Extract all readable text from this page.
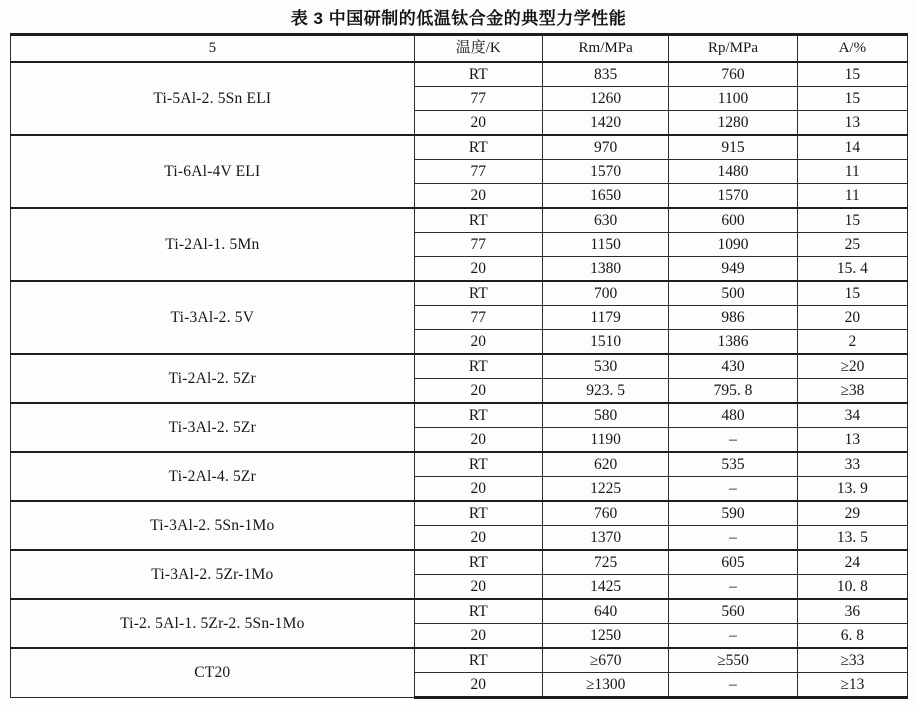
表 3 中国研制的低温钛合金的典型力学性能
5	温度/K	Rm/MPa	Rp/MPa	A/%
Ti-5Al-2. 5Sn ELI	RT	835	760	15
	77	1260	1100	15
	20	1420	1280	13
Ti-6Al-4V ELI	RT	970	915	14
	77	1570	1480	11
	20	1650	1570	11
Ti-2Al-1. 5Mn	RT	630	600	15
	77	1150	1090	25
	20	1380	949	15. 4
Ti-3Al-2. 5V	RT	700	500	15
	77	1179	986	20
	20	1510	1386	2
Ti-2Al-2. 5Zr	RT	530	430	≥20
	20	923. 5	795. 8	≥38
Ti-3Al-2. 5Zr	RT	580	480	34
	20	1190	–	13
Ti-2Al-4. 5Zr	RT	620	535	33
	20	1225	–	13. 9
Ti-3Al-2. 5Sn-1Mo	RT	760	590	29
	20	1370	–	13. 5
Ti-3Al-2. 5Zr-1Mo	RT	725	605	24
	20	1425	–	10. 8
Ti-2. 5Al-1. 5Zr-2. 5Sn-1Mo	RT	640	560	36
	20	1250	–	6. 8
CT20	RT	≥670	≥550	≥33
	20	≥1300	–	≥13
